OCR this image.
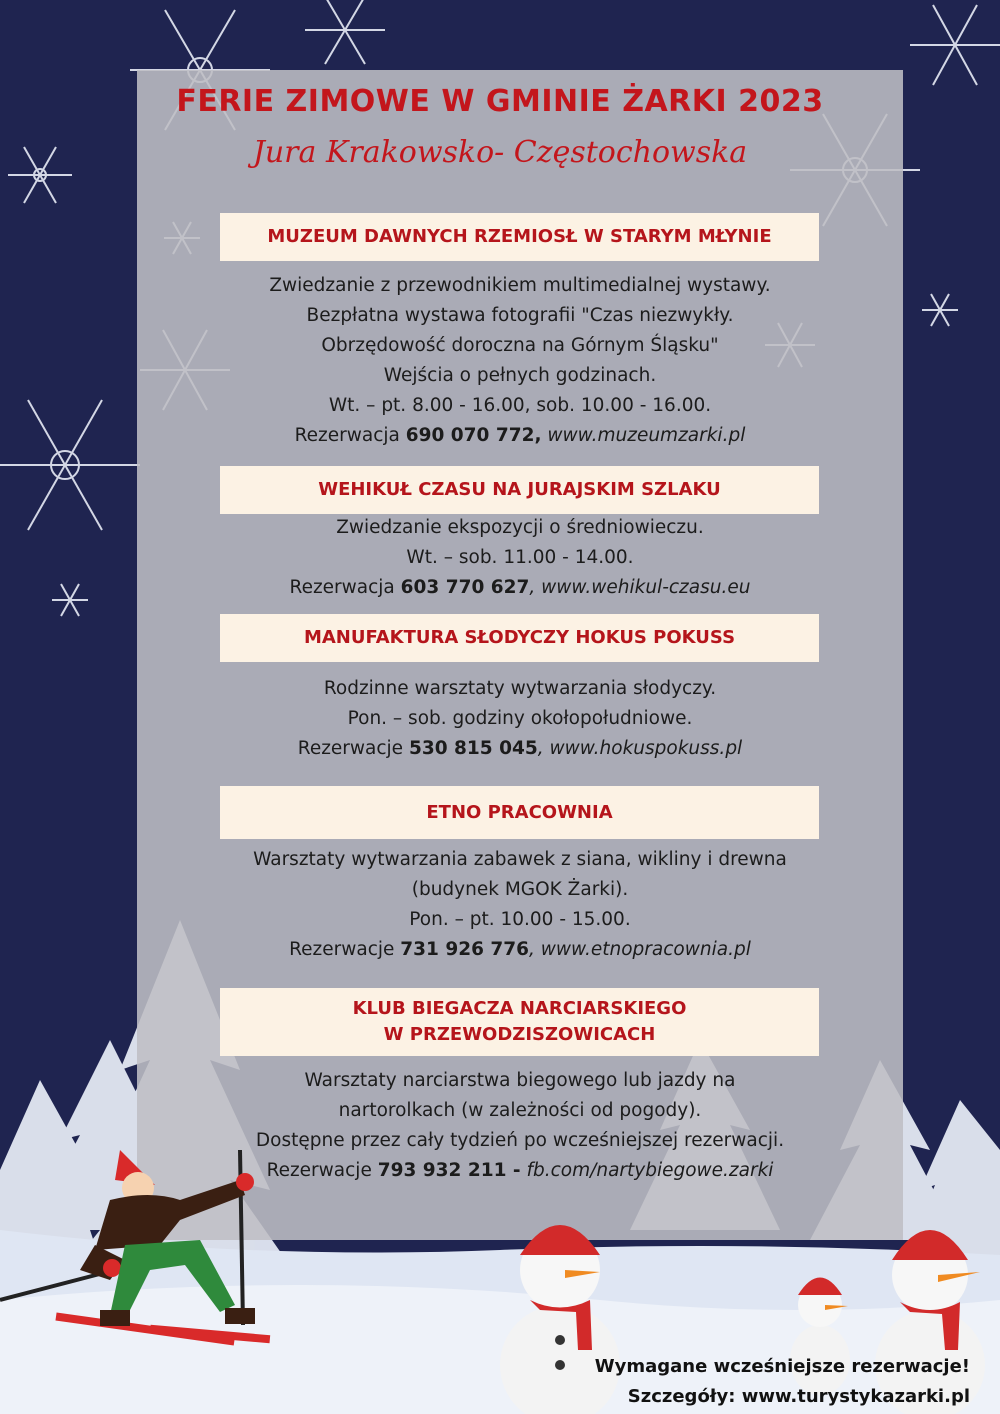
FERIE ZIMOWE W GMINIE ŻARKI 2023
Jura Krakowsko- Częstochowska
MUZEUM DAWNYCH RZEMIOSŁ W STARYM MŁYNIE
Zwiedzanie z przewodnikiem multimedialnej wystawy.
Bezpłatna wystawa fotografii "Czas niezwykły.
Obrzędowość doroczna na Górnym Śląsku"
Wejścia o pełnych godzinach.
Wt. – pt. 8.00 - 16.00, sob. 10.00 - 16.00.
Rezerwacja 690 070 772, www.muzeumzarki.pl
WEHIKUŁ CZASU NA JURAJSKIM SZLAKU
Zwiedzanie ekspozycji o średniowieczu.
Wt. – sob. 11.00 - 14.00.
Rezerwacja 603 770 627, www.wehikul-czasu.eu
MANUFAKTURA SŁODYCZY HOKUS POKUSS
Rodzinne warsztaty wytwarzania słodyczy.
Pon. – sob. godziny okołopołudniowe.
Rezerwacje 530 815 045, www.hokuspokuss.pl
ETNO PRACOWNIA
Warsztaty wytwarzania zabawek z siana, wikliny i drewna
(budynek MGOK Żarki).
Pon. – pt. 10.00 - 15.00.
Rezerwacje 731 926 776, www.etnopracownia.pl
KLUB BIEGACZA NARCIARSKIEGO
W PRZEWODZISZOWICACH
Warsztaty narciarstwa biegowego lub jazdy na
nartorolkach (w zależności od pogody).
Dostępne przez cały tydzień po wcześniejszej rezerwacji.
Rezerwacje 793 932 211 - fb.com/nartybiegowe.zarki
Wymagane wcześniejsze rezerwacje!
Szczegóły: www.turystykazarki.pl
